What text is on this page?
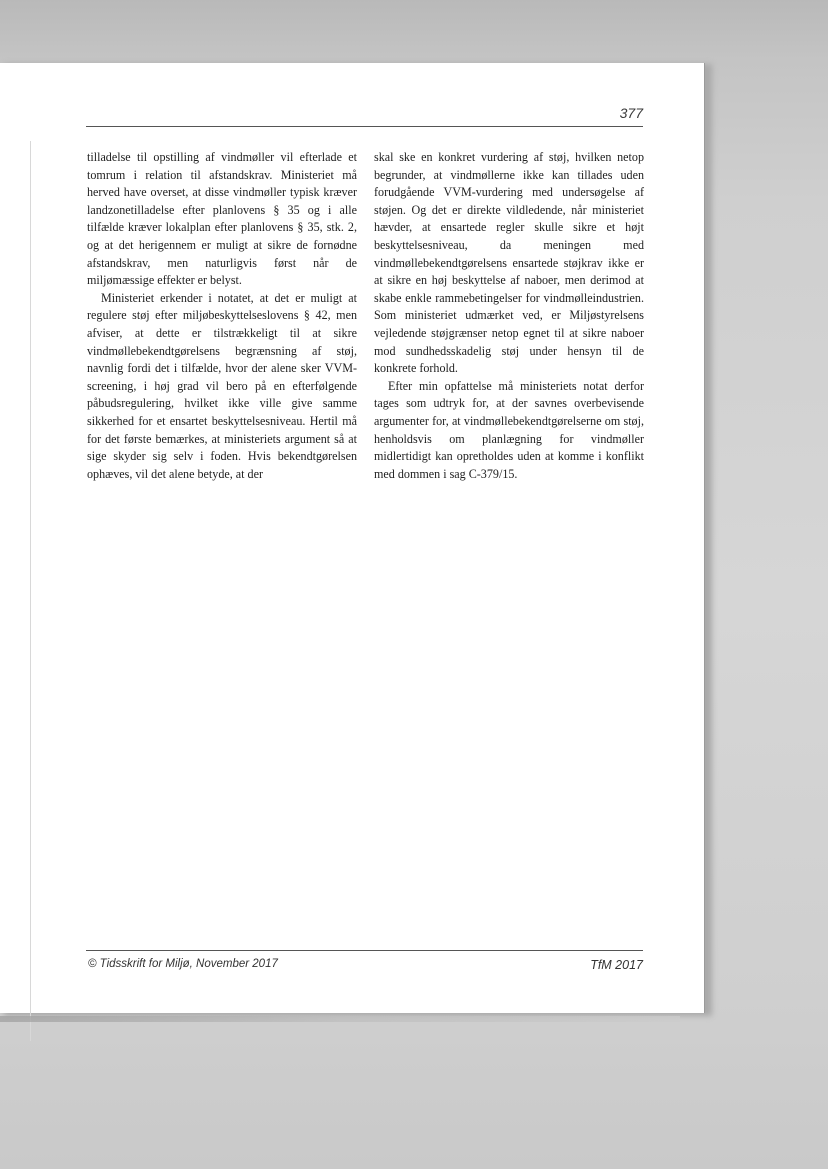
377

tilladelse til opstilling af vindmøller vil efterlade et tomrum i relation til afstandskrav. Ministeriet må herved have overset, at disse vindmøller typisk kræver landzonetilladelse efter planlovens § 35 og i alle tilfælde kræver lokalplan efter planlovens § 35, stk. 2, og at det herigennem er muligt at sikre de fornødne afstandskrav, men naturligvis først når de miljømæssige effekter er belyst.

Ministeriet erkender i notatet, at det er muligt at regulere støj efter miljøbeskyttelseslovens § 42, men afviser, at dette er tilstrækkeligt til at sikre vindmøllebekendtgørelsens begrænsning af støj, navnlig fordi det i tilfælde, hvor der alene sker VVM-screening, i høj grad vil bero på en efterfølgende påbudsregulering, hvilket ikke ville give samme sikkerhed for et ensartet beskyttelsesniveau. Hertil må for det første bemærkes, at ministeriets argument så at sige skyder sig selv i foden. Hvis bekendtgørelsen ophæves, vil det alene betyde, at der

skal ske en konkret vurdering af støj, hvilken netop begrunder, at vindmøllerne ikke kan tillades uden forudgående VVM-vurdering med undersøgelse af støjen. Og det er direkte vildledende, når ministeriet hævder, at ensartede regler skulle sikre et højt beskyttelsesniveau, da meningen med vindmøllebekendtgørelsens ensartede støjkrav ikke er at sikre en høj beskyttelse af naboer, men derimod at skabe enkle rammebetingelser for vindmølleindustrien. Som ministeriet udmærket ved, er Miljøstyrelsens vejledende støjgrænser netop egnet til at sikre naboer mod sundhedsskadelig støj under hensyn til de konkrete forhold.

Efter min opfattelse må ministeriets notat derfor tages som udtryk for, at der savnes overbevisende argumenter for, at vindmøllebekendtgørelserne om støj, henholdsvis om planlægning for vindmøller midlertidigt kan opretholdes uden at komme i konflikt med dommen i sag C-379/15.

© Tidsskrift for Miljø, November 2017	TfM 2017
